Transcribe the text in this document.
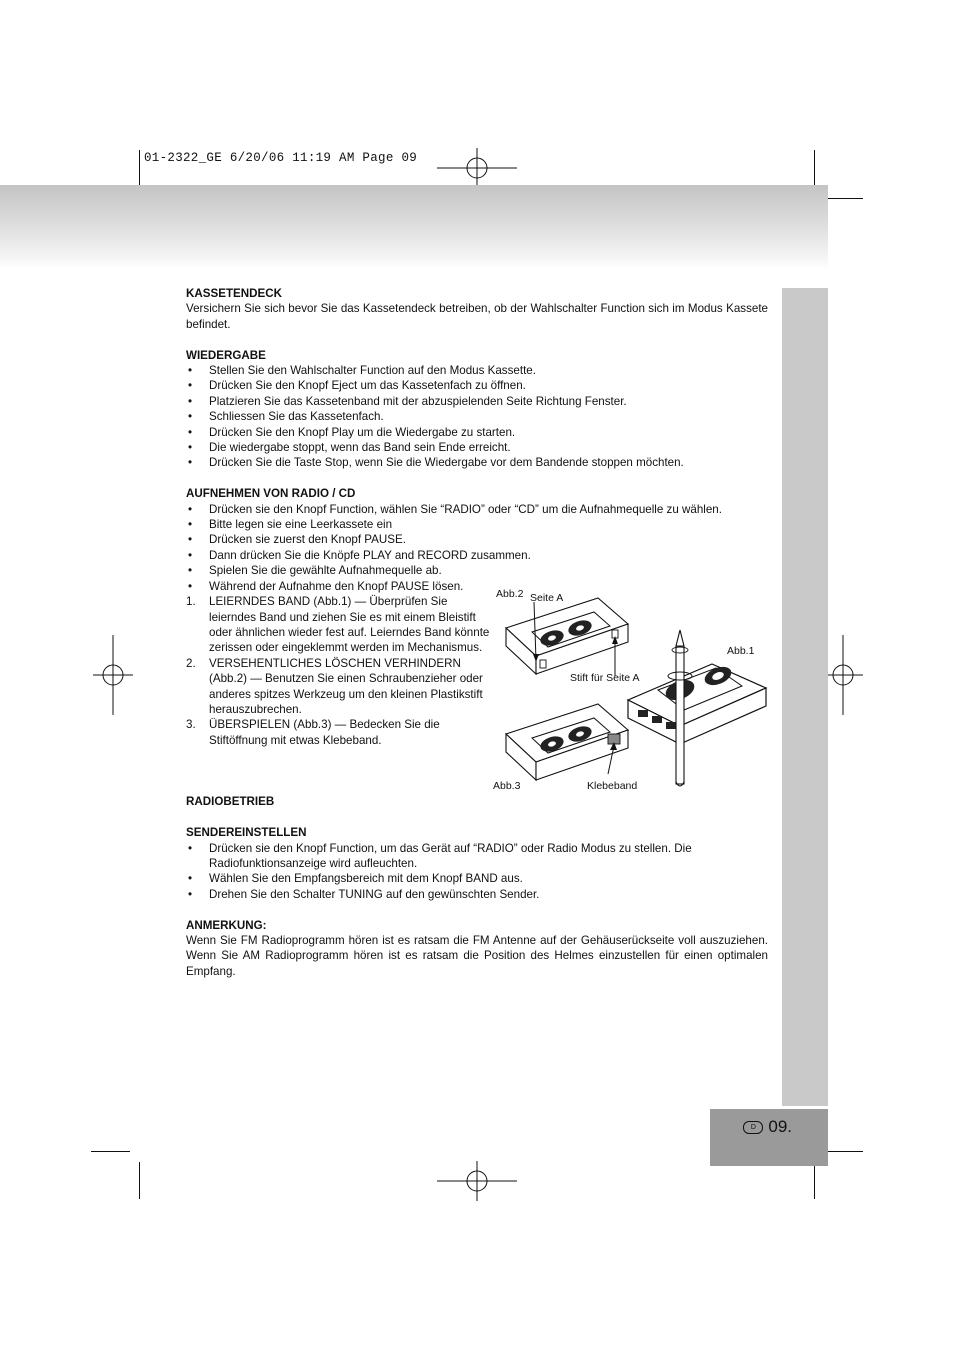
01-2322_GE 6/20/06 11:19 AM Page 09
D 09.

KASSETENDECK

Versichern Sie sich bevor Sie das Kassetendeck betreiben, ob der Wahlschalter Function sich im Modus Kassete befindet.

WIEDERGABE

• Stellen Sie den Wahlschalter Function auf den Modus Kassette.
• Drücken Sie den Knopf Eject um das Kassetenfach zu öffnen.
• Platzieren Sie das Kassetenband mit der abzuspielenden Seite Richtung Fenster.
• Schliessen Sie das Kassetenfach.
• Drücken Sie den Knopf Play um die Wiedergabe zu starten.
• Die wiedergabe stoppt, wenn das Band sein Ende erreicht.
• Drücken Sie die Taste Stop, wenn Sie die Wiedergabe vor dem Bandende stoppen möchten.

AUFNEHMEN VON RADIO / CD

• Drücken sie den Knopf Function, wählen Sie “RADIO” oder “CD” um die Aufnahmequelle zu wählen.
• Bitte legen sie eine Leerkassete ein
• Drücken sie zuerst den Knopf PAUSE.
• Dann drücken Sie die Knöpfe PLAY and RECORD zusammen.
• Spielen Sie die gewählte Aufnahmequelle ab.
• Während der Aufnahme den Knopf PAUSE lösen.
1. LEIERNDES BAND (Abb.1) — Überprüfen Sie leierndes Band und ziehen Sie es mit einem Bleistift oder ähnlichen wieder fest auf. Leierndes Band könnte zerissen oder eingeklemmt werden im Mechanismus.
2. VERSEHENTLICHES LÖSCHEN VERHINDERN (Abb.2) — Benutzen Sie einen Schraubenzieher oder anderes spitzes Werkzeug um den kleinen Plastikstift herauszubrechen.
3. ÜBERSPIELEN (Abb.3) — Bedecken Sie die Stiftöffnung mit etwas Klebeband.

RADIOBETRIEB

SENDEREINSTELLEN

• Drücken sie den Knopf Function, um das Gerät auf “RADIO” oder Radio Modus zu stellen. Die Radiofunktionsanzeige wird aufleuchten.
• Wählen Sie den Empfangsbereich mit dem Knopf BAND aus.
• Drehen Sie den Schalter TUNING auf den gewünschten Sender.

ANMERKUNG:

Wenn Sie FM Radioprogramm hören ist es ratsam die FM Antenne auf der Gehäuserückseite voll auszuziehen. Wenn Sie AM Radioprogramm hören ist es ratsam die Position des Helmes einzustellen für einen optimalen Empfang.

Abb.2 Seite A
Abb.1
Stift für Seite A
Abb.3	Klebeband
